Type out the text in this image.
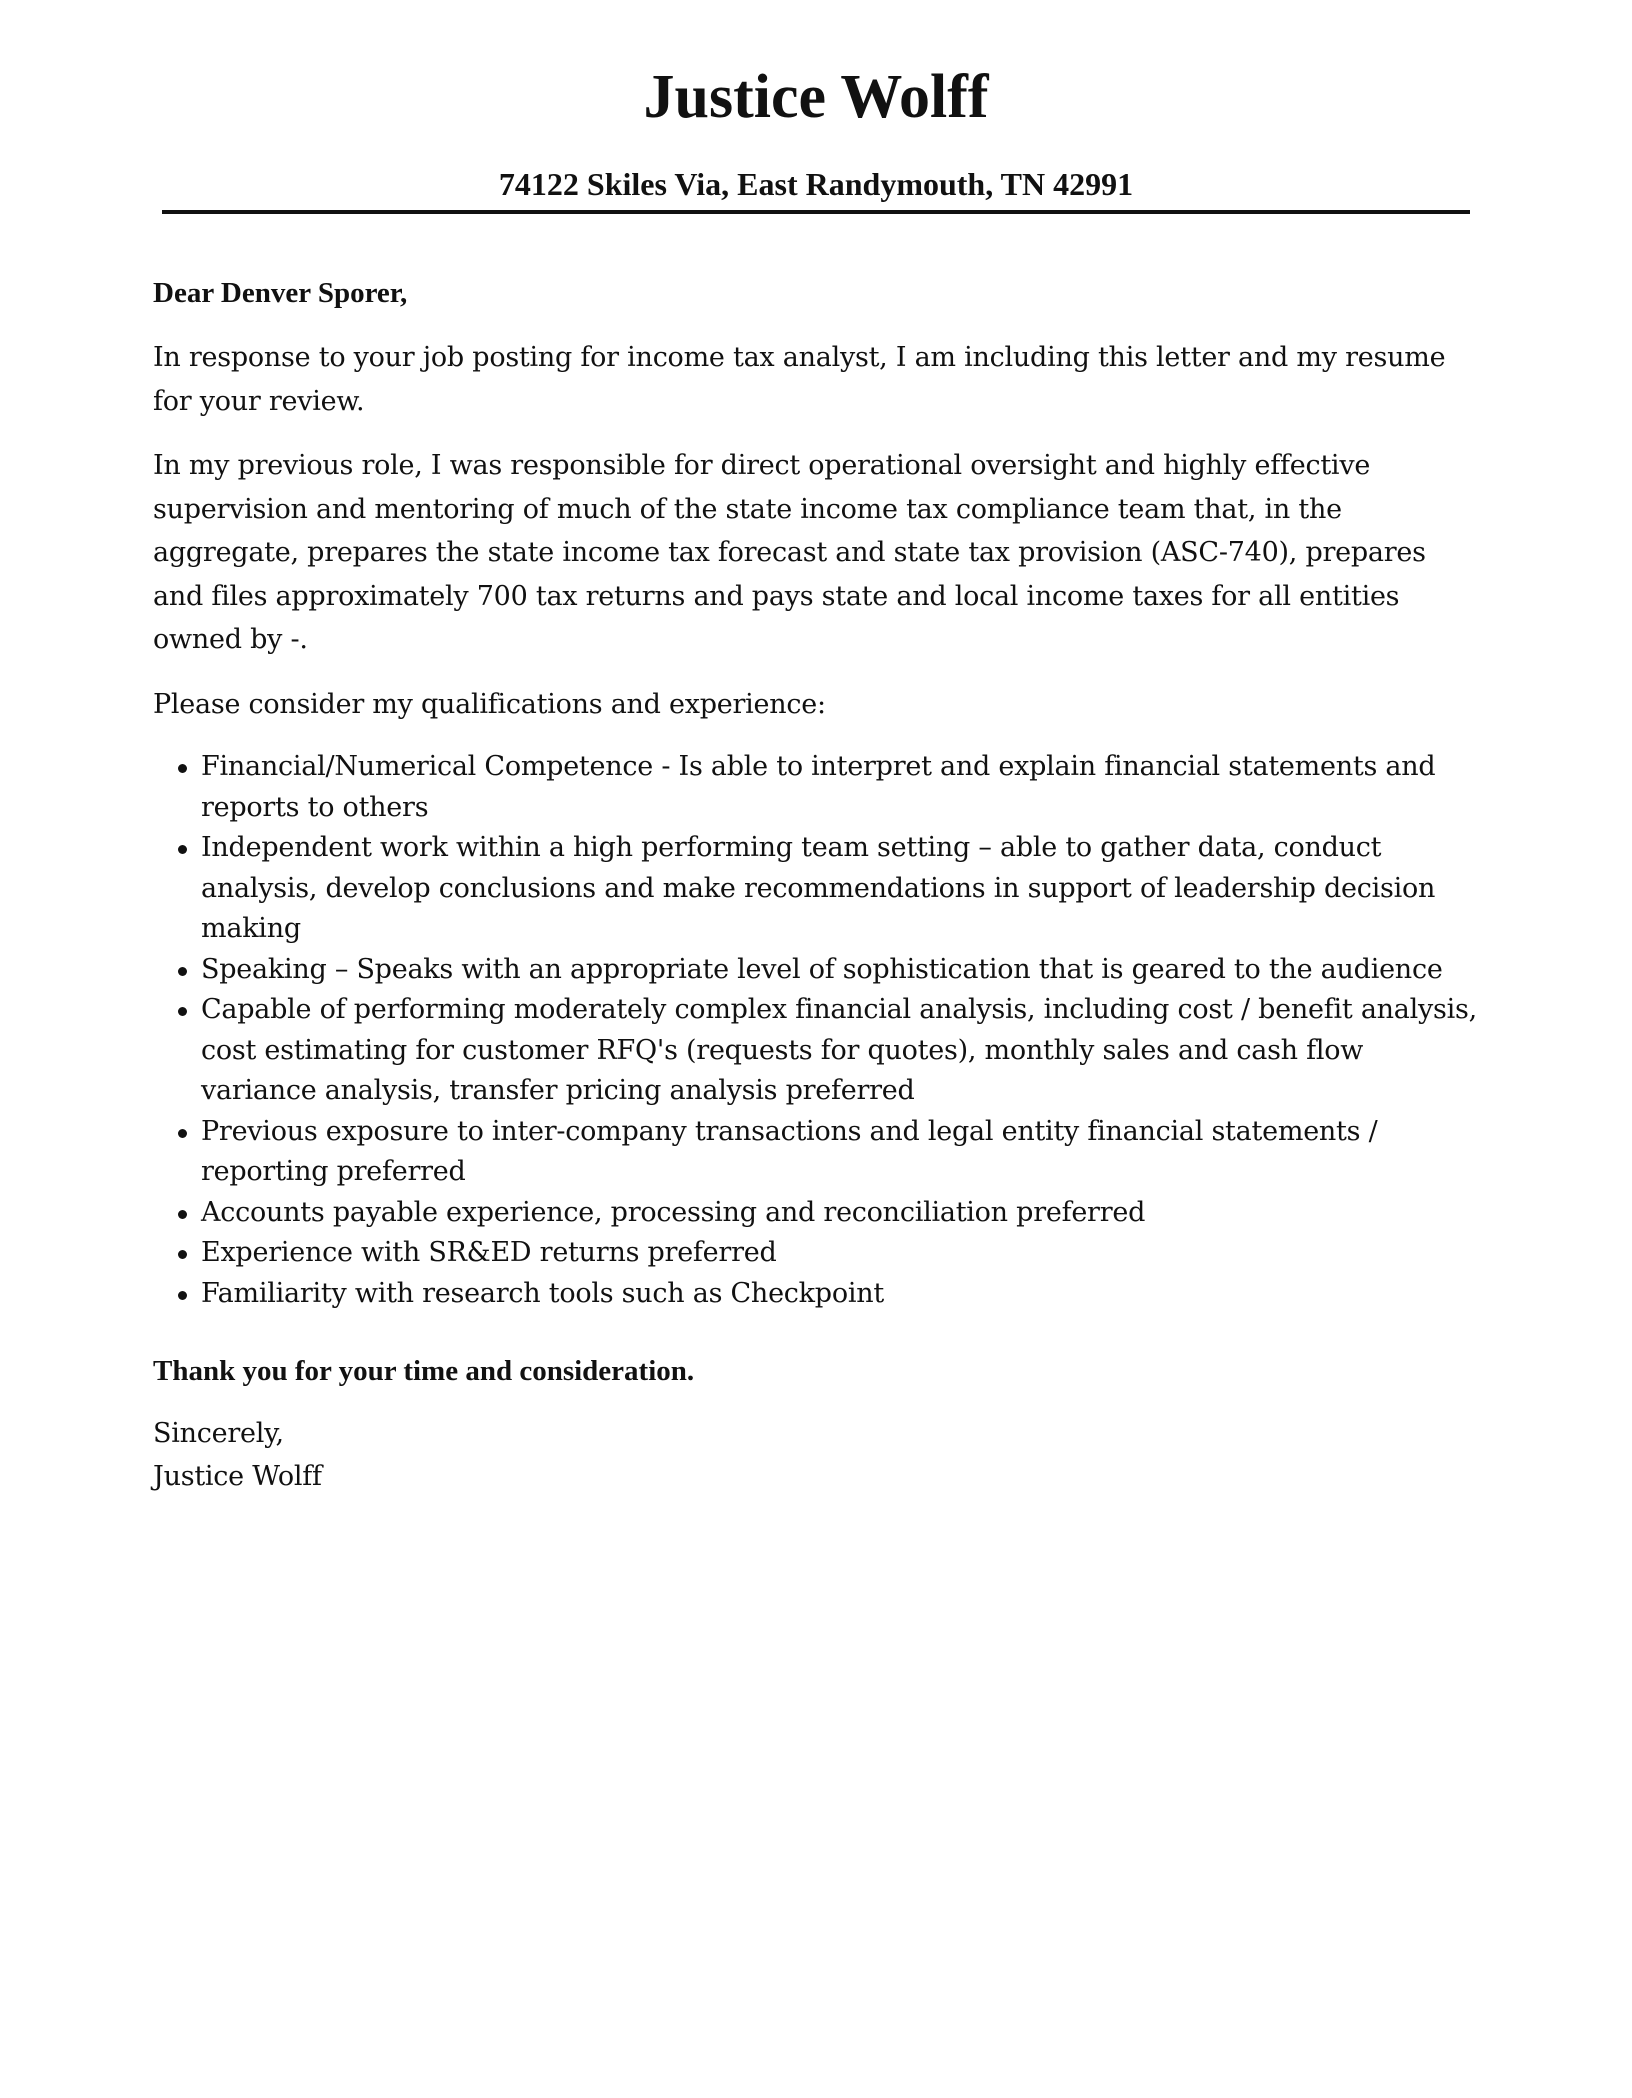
Justice Wolff
74122 Skiles Via, East Randymouth, TN 42991

Dear Denver Sporer,

In response to your job posting for income tax analyst, I am including this letter and my resume for your review.

In my previous role, I was responsible for direct operational oversight and highly effective supervision and mentoring of much of the state income tax compliance team that, in the aggregate, prepares the state income tax forecast and state tax provision (ASC-740), prepares and files approximately 700 tax returns and pays state and local income taxes for all entities owned by -.

Please consider my qualifications and experience:

Financial/Numerical Competence - Is able to interpret and explain financial statements and reports to others
Independent work within a high performing team setting – able to gather data, conduct analysis, develop conclusions and make recommendations in support of leadership decision making
Speaking – Speaks with an appropriate level of sophistication that is geared to the audience
Capable of performing moderately complex financial analysis, including cost / benefit analysis, cost estimating for customer RFQ's (requests for quotes), monthly sales and cash flow variance analysis, transfer pricing analysis preferred
Previous exposure to inter-company transactions and legal entity financial statements / reporting preferred
Accounts payable experience, processing and reconciliation preferred
Experience with SR&ED returns preferred
Familiarity with research tools such as Checkpoint

Thank you for your time and consideration.

Sincerely,

Justice Wolff
